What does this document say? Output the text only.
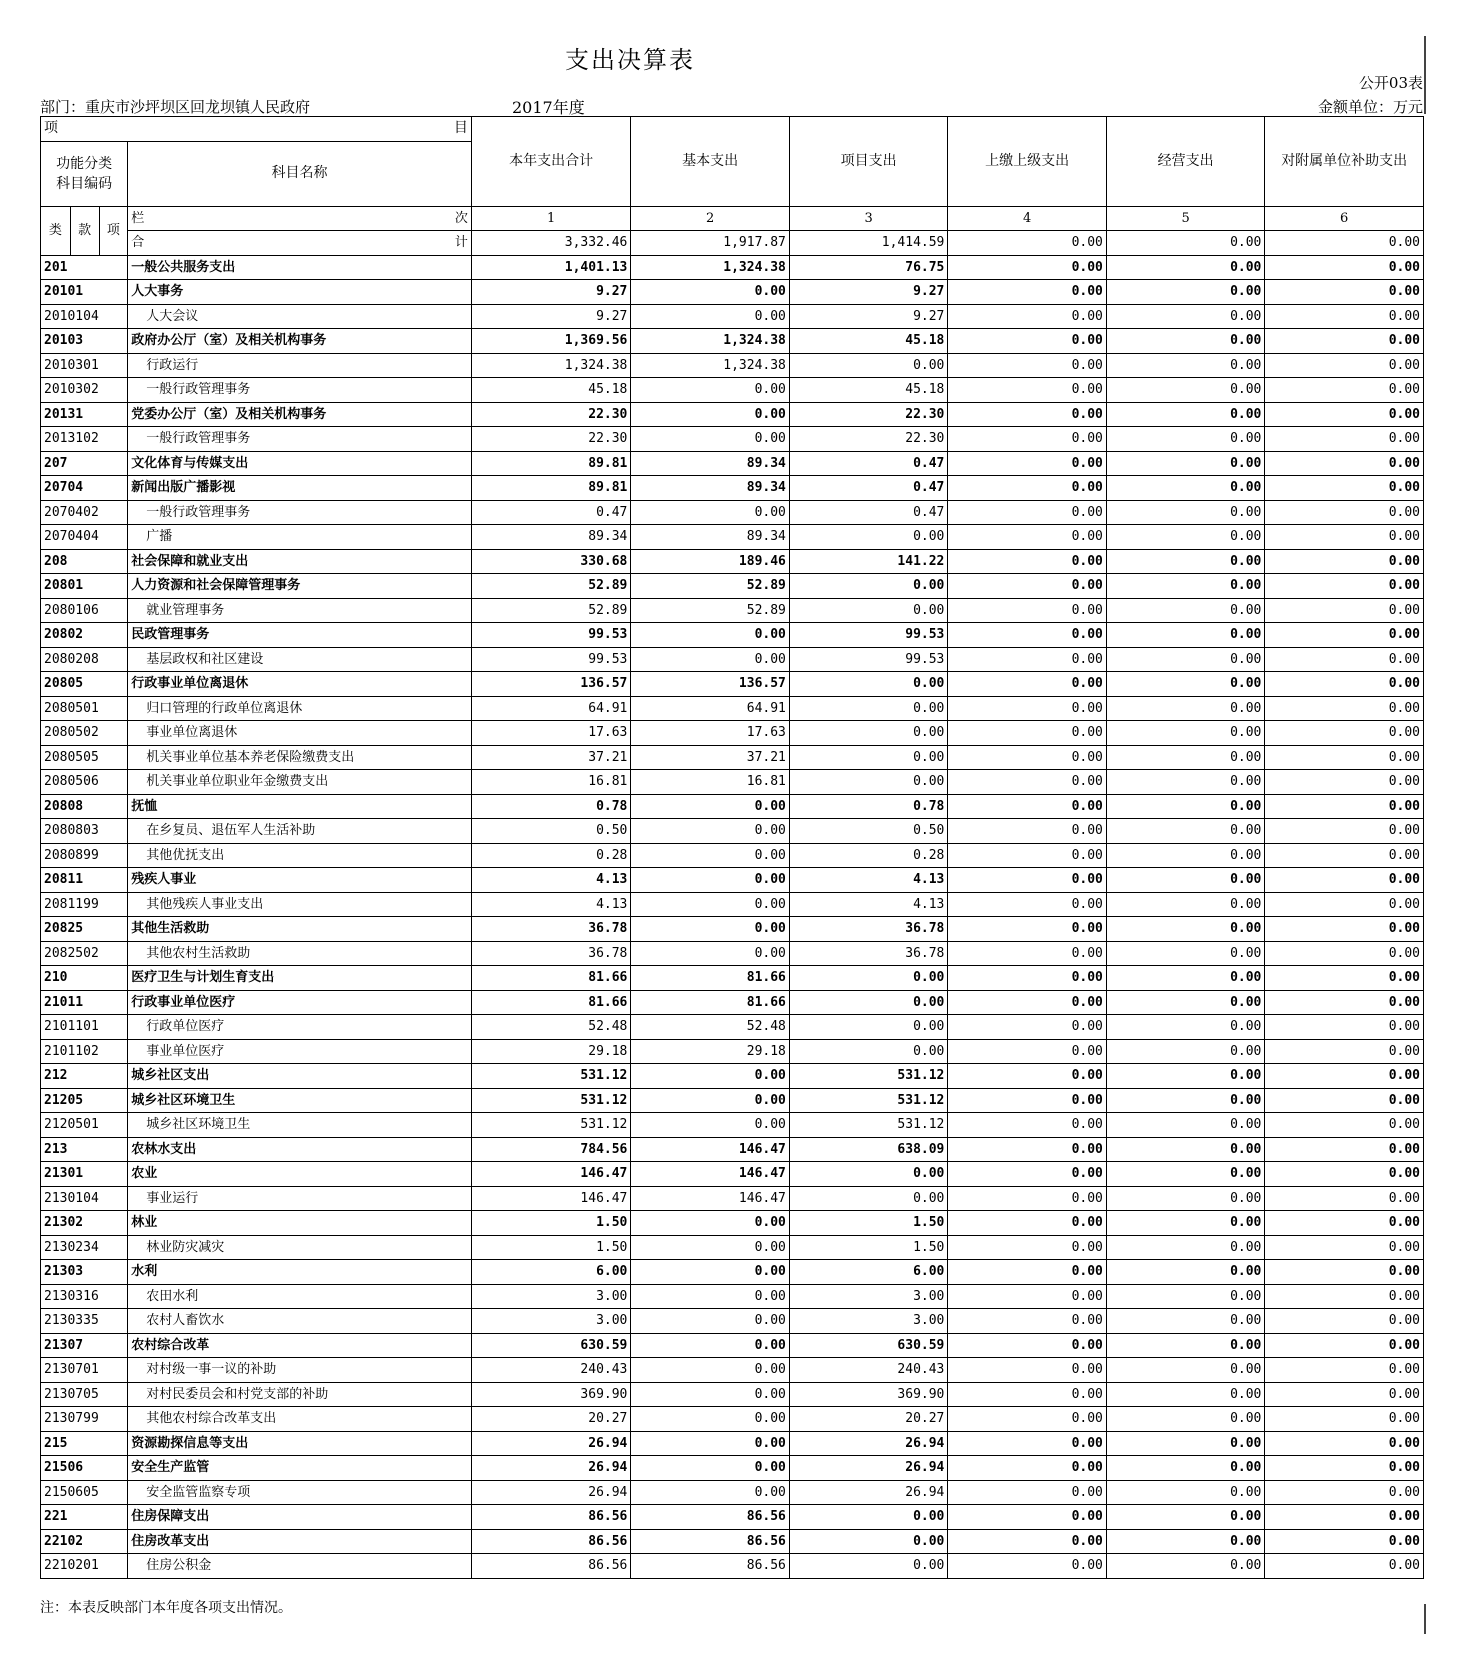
支出决算表
公开03表
部门：重庆市沙坪坝区回龙坝镇人民政府	2017年度	金额单位：万元
项 目				本年支出合计	基本支出	项目支出	上缴上级支出	经营支出	对附属单位补助支出

功能分类
科目编码			科目名称						
类	款	项	栏 次	1	2	3	4	5	6

			合 计	3,332.46	1,917.87	1,414.59	0.00	0.00	0.00
201			一般公共服务支出	1,401.13	1,324.38	76.75	0.00	0.00	0.00
20101			人大事务	9.27	0.00	9.27	0.00	0.00	0.00
2010104			人大会议	9.27	0.00	9.27	0.00	0.00	0.00
20103			政府办公厅（室）及相关机构事务	1,369.56	1,324.38	45.18	0.00	0.00	0.00
2010301			行政运行	1,324.38	1,324.38	0.00	0.00	0.00	0.00
2010302			一般行政管理事务	45.18	0.00	45.18	0.00	0.00	0.00
20131			党委办公厅（室）及相关机构事务	22.30	0.00	22.30	0.00	0.00	0.00
2013102			一般行政管理事务	22.30	0.00	22.30	0.00	0.00	0.00
207			文化体育与传媒支出	89.81	89.34	0.47	0.00	0.00	0.00
20704			新闻出版广播影视	89.81	89.34	0.47	0.00	0.00	0.00
2070402			一般行政管理事务	0.47	0.00	0.47	0.00	0.00	0.00
2070404			广播	89.34	89.34	0.00	0.00	0.00	0.00
208			社会保障和就业支出	330.68	189.46	141.22	0.00	0.00	0.00
20801			人力资源和社会保障管理事务	52.89	52.89	0.00	0.00	0.00	0.00
2080106			就业管理事务	52.89	52.89	0.00	0.00	0.00	0.00
20802			民政管理事务	99.53	0.00	99.53	0.00	0.00	0.00
2080208			基层政权和社区建设	99.53	0.00	99.53	0.00	0.00	0.00
20805			行政事业单位离退休	136.57	136.57	0.00	0.00	0.00	0.00
2080501			归口管理的行政单位离退休	64.91	64.91	0.00	0.00	0.00	0.00
2080502			事业单位离退休	17.63	17.63	0.00	0.00	0.00	0.00
2080505			机关事业单位基本养老保险缴费支出	37.21	37.21	0.00	0.00	0.00	0.00
2080506			机关事业单位职业年金缴费支出	16.81	16.81	0.00	0.00	0.00	0.00
20808			抚恤	0.78	0.00	0.78	0.00	0.00	0.00
2080803			在乡复员、退伍军人生活补助	0.50	0.00	0.50	0.00	0.00	0.00
2080899			其他优抚支出	0.28	0.00	0.28	0.00	0.00	0.00
20811			残疾人事业	4.13	0.00	4.13	0.00	0.00	0.00
2081199			其他残疾人事业支出	4.13	0.00	4.13	0.00	0.00	0.00
20825			其他生活救助	36.78	0.00	36.78	0.00	0.00	0.00
2082502			其他农村生活救助	36.78	0.00	36.78	0.00	0.00	0.00
210			医疗卫生与计划生育支出	81.66	81.66	0.00	0.00	0.00	0.00
21011			行政事业单位医疗	81.66	81.66	0.00	0.00	0.00	0.00
2101101			行政单位医疗	52.48	52.48	0.00	0.00	0.00	0.00
2101102			事业单位医疗	29.18	29.18	0.00	0.00	0.00	0.00
212			城乡社区支出	531.12	0.00	531.12	0.00	0.00	0.00
21205			城乡社区环境卫生	531.12	0.00	531.12	0.00	0.00	0.00
2120501			城乡社区环境卫生	531.12	0.00	531.12	0.00	0.00	0.00
213			农林水支出	784.56	146.47	638.09	0.00	0.00	0.00
21301			农业	146.47	146.47	0.00	0.00	0.00	0.00
2130104			事业运行	146.47	146.47	0.00	0.00	0.00	0.00
21302			林业	1.50	0.00	1.50	0.00	0.00	0.00
2130234			林业防灾减灾	1.50	0.00	1.50	0.00	0.00	0.00
21303			水利	6.00	0.00	6.00	0.00	0.00	0.00
2130316			农田水利	3.00	0.00	3.00	0.00	0.00	0.00
2130335			农村人畜饮水	3.00	0.00	3.00	0.00	0.00	0.00
21307			农村综合改革	630.59	0.00	630.59	0.00	0.00	0.00
2130701			对村级一事一议的补助	240.43	0.00	240.43	0.00	0.00	0.00
2130705			对村民委员会和村党支部的补助	369.90	0.00	369.90	0.00	0.00	0.00
2130799			其他农村综合改革支出	20.27	0.00	20.27	0.00	0.00	0.00
215			资源勘探信息等支出	26.94	0.00	26.94	0.00	0.00	0.00
21506			安全生产监管	26.94	0.00	26.94	0.00	0.00	0.00
2150605			安全监管监察专项	26.94	0.00	26.94	0.00	0.00	0.00
221			住房保障支出	86.56	86.56	0.00	0.00	0.00	0.00
22102			住房改革支出	86.56	86.56	0.00	0.00	0.00	0.00
2210201			住房公积金	86.56	86.56	0.00	0.00	0.00	0.00
注：本表反映部门本年度各项支出情况。
